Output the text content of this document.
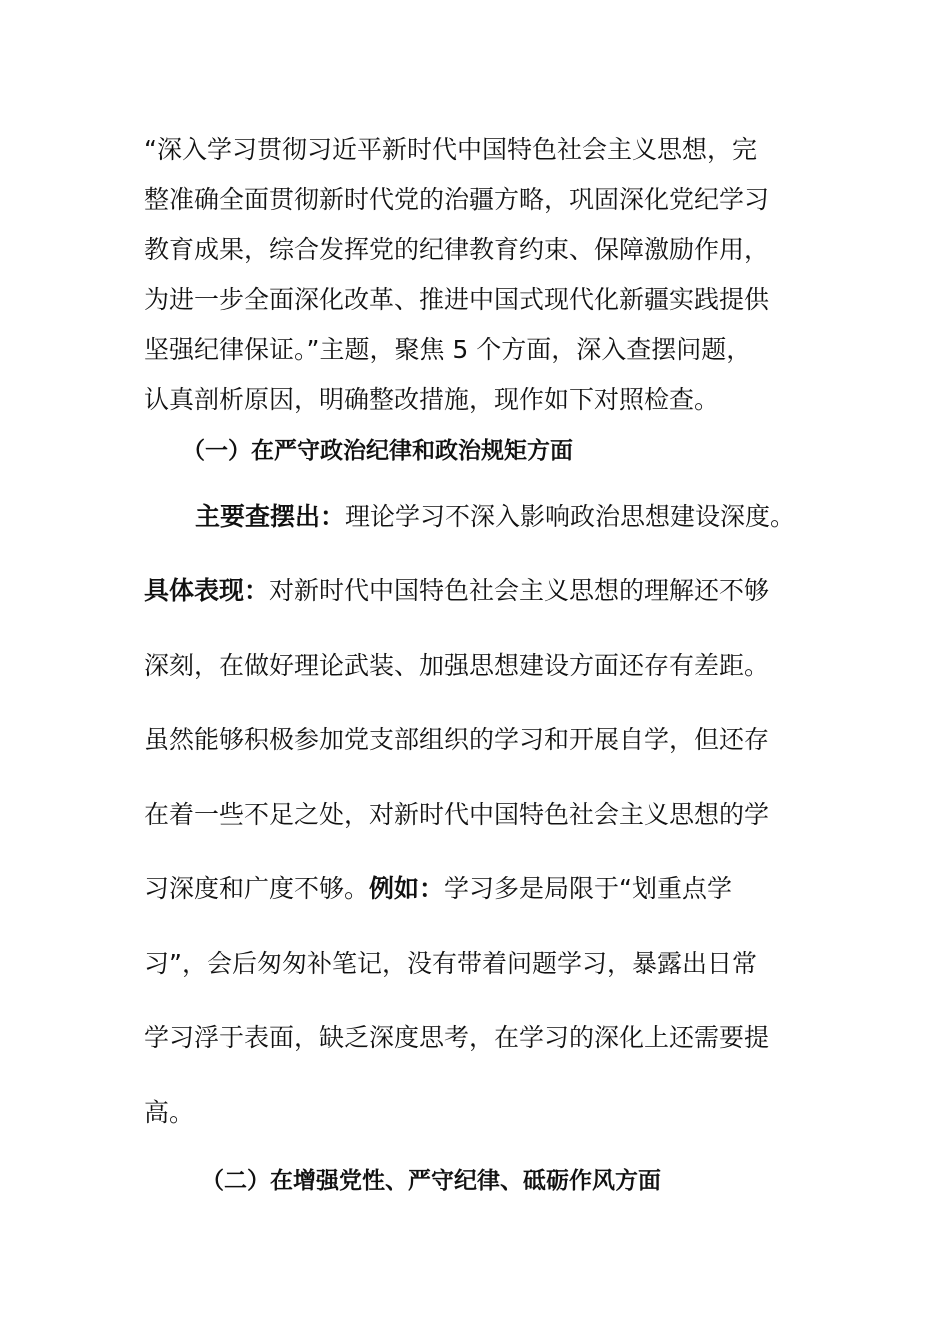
“深入学习贯彻习近平新时代中国特色社会主义思想，完
整准确全面贯彻新时代党的治疆方略，巩固深化党纪学习
教育成果，综合发挥党的纪律教育约束、保障激励作用，
为进一步全面深化改革、推进中国式现代化新疆实践提供
坚强纪律保证。”主题，聚焦 5 个方面，深入查摆问题，
认真剖析原因，明确整改措施，现作如下对照检查。
（一）在严守政治纪律和政治规矩方面
主要查摆出：理论学习不深入影响政治思想建设深度。
具体表现：对新时代中国特色社会主义思想的理解还不够
深刻，在做好理论武装、加强思想建设方面还存有差距。
虽然能够积极参加党支部组织的学习和开展自学，但还存
在着一些不足之处，对新时代中国特色社会主义思想的学
习深度和广度不够。例如：学习多是局限于“划重点学
习”，会后匆匆补笔记，没有带着问题学习，暴露出日常
学习浮于表面，缺乏深度思考，在学习的深化上还需要提
高。
（二）在增强党性、严守纪律、砥砺作风方面
